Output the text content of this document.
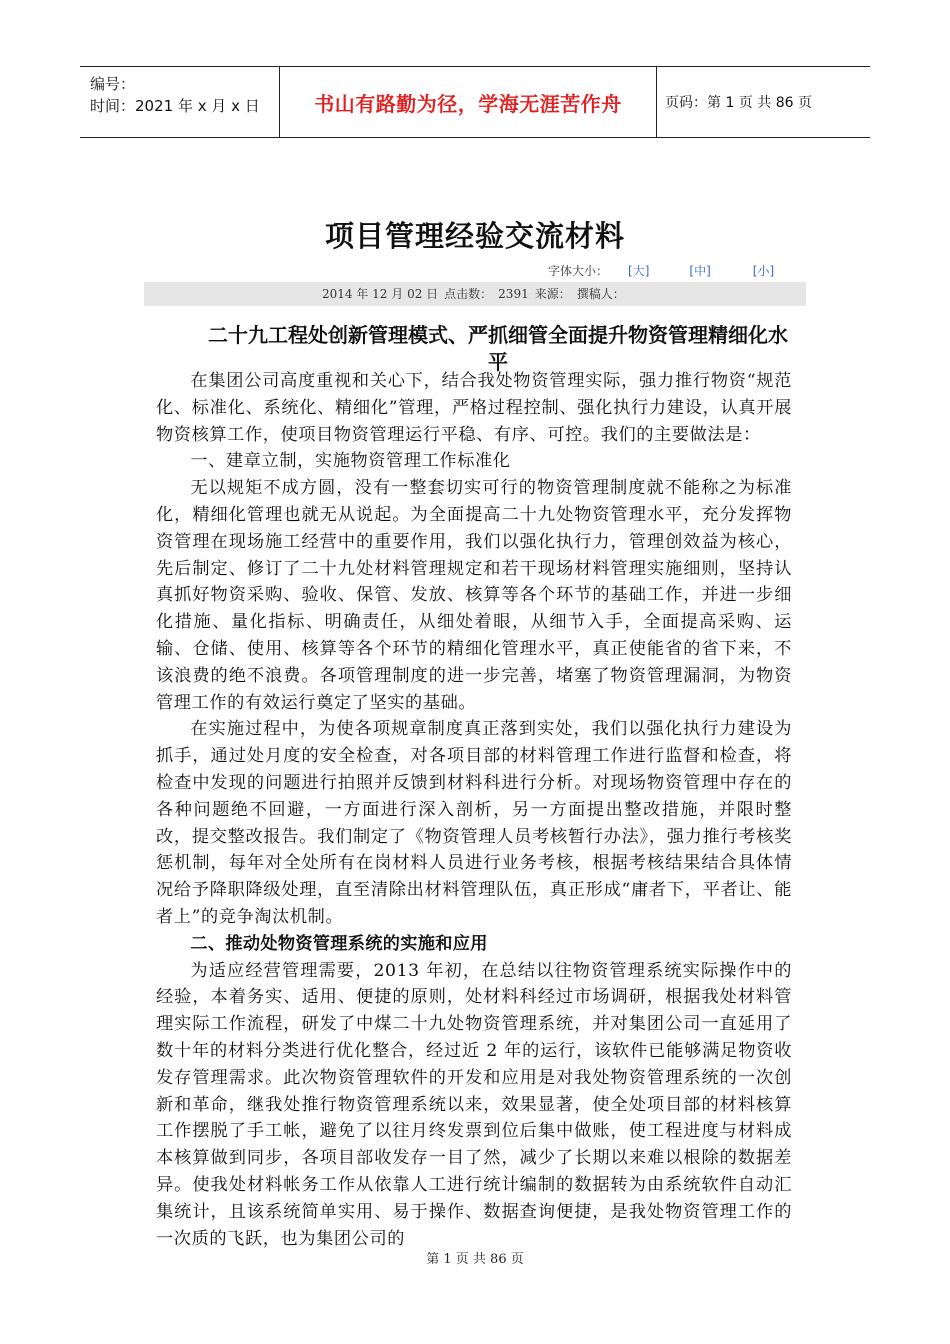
编号：
时间：2021 年 x 月 x 日	书山有路勤为径，学海无涯苦作舟	页码：第 1 页 共 86 页
项目管理经验交流材料
字体大小： [大]	[中]	[小]
2014 年 12 月 02 日 点击数： 2391 来源： 撰稿人：
二十九工程处创新管理模式、严抓细管全面提升物资管理精细化水平

在集团公司高度重视和关心下，结合我处物资管理实际，强力推行物资“规范化、标准化、系统化、精细化”管理，严格过程控制、强化执行力建设，认真开展物资核算工作，使项目物资管理运行平稳、有序、可控。我们的主要做法是：

一、建章立制，实施物资管理工作标准化

无以规矩不成方圆，没有一整套切实可行的物资管理制度就不能称之为标准化，精细化管理也就无从说起。为全面提高二十九处物资管理水平，充分发挥物资管理在现场施工经营中的重要作用，我们以强化执行力，管理创效益为核心，先后制定、修订了二十九处材料管理规定和若干现场材料管理实施细则，坚持认真抓好物资采购、验收、保管、发放、核算等各个环节的基础工作，并进一步细化措施、量化指标、明确责任，从细处着眼，从细节入手，全面提高采购、运输、仓储、使用、核算等各个环节的精细化管理水平，真正使能省的省下来，不该浪费的绝不浪费。各项管理制度的进一步完善，堵塞了物资管理漏洞，为物资管理工作的有效运行奠定了坚实的基础。

在实施过程中，为使各项规章制度真正落到实处，我们以强化执行力建设为抓手，通过处月度的安全检查，对各项目部的材料管理工作进行监督和检查，将检查中发现的问题进行拍照并反馈到材料科进行分析。对现场物资管理中存在的各种问题绝不回避，一方面进行深入剖析，另一方面提出整改措施，并限时整改，提交整改报告。我们制定了《物资管理人员考核暂行办法》，强力推行考核奖惩机制，每年对全处所有在岗材料人员进行业务考核，根据考核结果结合具体情况给予降职降级处理，直至清除出材料管理队伍，真正形成“庸者下，平者让、能者上”的竞争淘汰机制。

二、推动处物资管理系统的实施和应用

为适应经营管理需要，2013 年初，在总结以往物资管理系统实际操作中的经验，本着务实、适用、便捷的原则，处材料科经过市场调研，根据我处材料管理实际工作流程，研发了中煤二十九处物资管理系统，并对集团公司一直延用了数十年的材料分类进行优化整合，经过近 2 年的运行，该软件已能够满足物资收发存管理需求。此次物资管理软件的开发和应用是对我处物资管理系统的一次创新和革命，继我处推行物资管理系统以来，效果显著，使全处项目部的材料核算工作摆脱了手工帐，避免了以往月终发票到位后集中做账，使工程进度与材料成本核算做到同步，各项目部收发存一目了然，减少了长期以来难以根除的数据差异。使我处材料帐务工作从依靠人工进行统计编制的数据转为由系统软件自动汇集统计，且该系统简单实用、易于操作、数据查询便捷，是我处物资管理工作的一次质的飞跃，也为集团公司的

第 1 页 共 86 页
